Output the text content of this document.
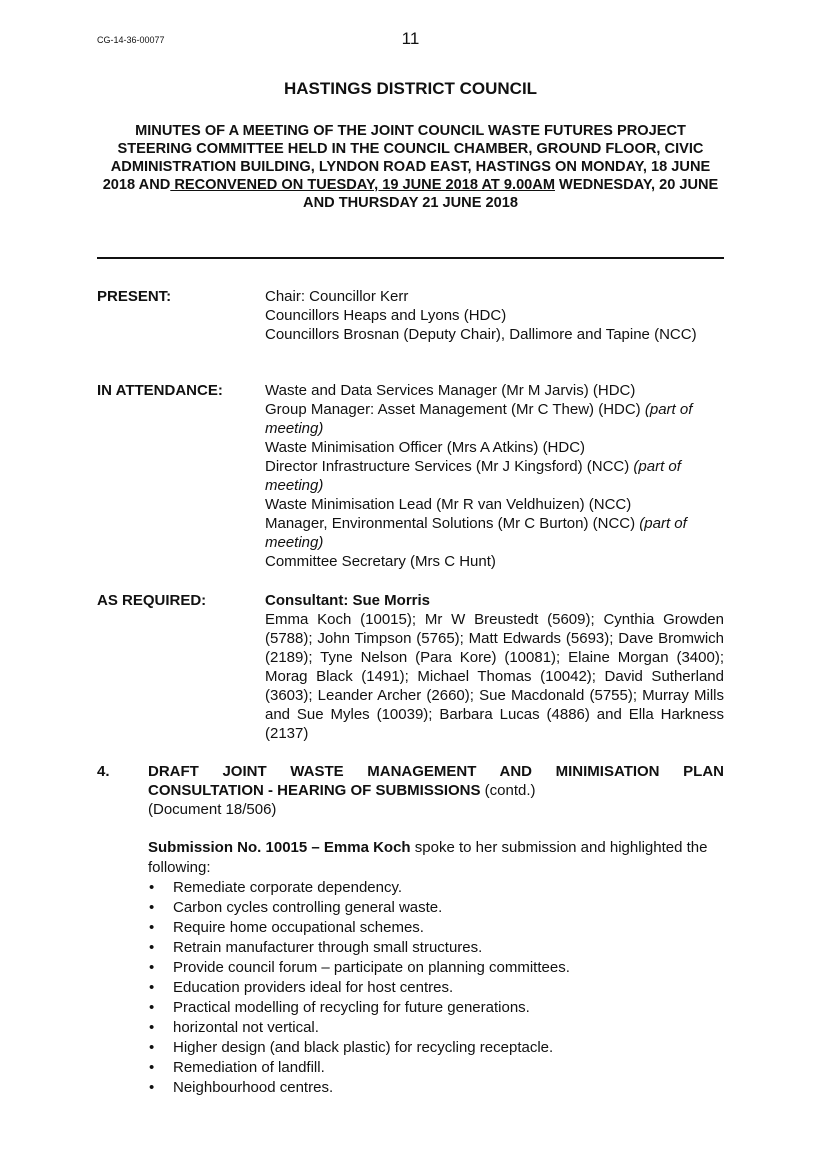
CG-14-36-00077	11
HASTINGS DISTRICT COUNCIL
MINUTES OF A MEETING OF THE JOINT COUNCIL WASTE FUTURES PROJECT STEERING COMMITTEE HELD IN THE COUNCIL CHAMBER, GROUND FLOOR, CIVIC ADMINISTRATION BUILDING, LYNDON ROAD EAST, HASTINGS ON MONDAY, 18 JUNE 2018 AND RECONVENED ON TUESDAY, 19 JUNE 2018 AT 9.00AM WEDNESDAY, 20 JUNE AND THURSDAY 21 JUNE 2018
PRESENT:	Chair: Councillor Kerr
Councillors Heaps and Lyons (HDC)
Councillors Brosnan (Deputy Chair), Dallimore and Tapine (NCC)
IN ATTENDANCE:	Waste and Data Services Manager (Mr M Jarvis) (HDC)
Group Manager: Asset Management (Mr C Thew) (HDC) (part of meeting)
Waste Minimisation Officer (Mrs A Atkins) (HDC)
Director Infrastructure Services (Mr J Kingsford) (NCC) (part of meeting)
Waste Minimisation Lead (Mr R van Veldhuizen) (NCC)
Manager, Environmental Solutions (Mr C Burton) (NCC) (part of meeting)
Committee Secretary (Mrs C Hunt)
AS REQUIRED:	Consultant: Sue Morris
Emma Koch (10015); Mr W Breustedt (5609); Cynthia Growden (5788); John Timpson (5765); Matt Edwards (5693); Dave Bromwich (2189); Tyne Nelson (Para Kore) (10081); Elaine Morgan (3400); Morag Black (1491); Michael Thomas (10042); David Sutherland (3603); Leander Archer (2660); Sue Macdonald (5755); Murray Mills and Sue Myles (10039); Barbara Lucas (4886) and Ella Harkness (2137)
4.	DRAFT JOINT WASTE MANAGEMENT AND MINIMISATION PLAN CONSULTATION - HEARING OF SUBMISSIONS (contd.)
(Document 18/506)
Submission No. 10015 – Emma Koch spoke to her submission and highlighted the following:
• Remediate corporate dependency.
• Carbon cycles controlling general waste.
• Require home occupational schemes.
• Retrain manufacturer through small structures.
• Provide council forum – participate on planning committees.
• Education providers ideal for host centres.
• Practical modelling of recycling for future generations.
• horizontal not vertical.
• Higher design (and black plastic) for recycling receptacle.
• Remediation of landfill.
• Neighbourhood centres.
